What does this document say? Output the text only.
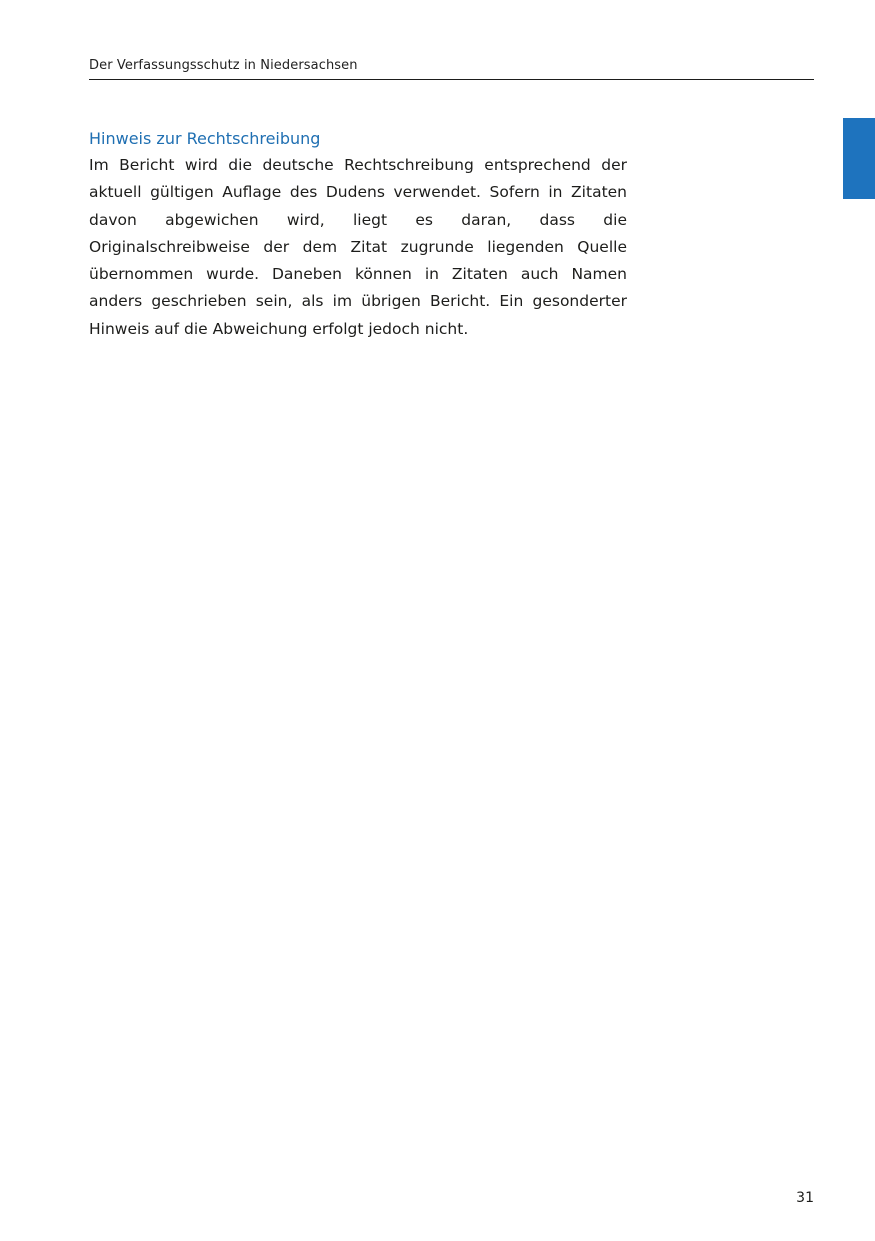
Der Verfassungsschutz in Niedersachsen
Hinweis zur Rechtschreibung

Im Bericht wird die deutsche Rechtschreibung entsprechend der aktuell gültigen Auflage des Dudens verwendet. Sofern in Zitaten davon abgewichen wird, liegt es daran, dass die Originalschreibweise der dem Zitat zugrunde liegenden Quelle übernommen wurde. Daneben können in Zitaten auch Namen anders geschrieben sein, als im übrigen Bericht. Ein gesonderter Hinweis auf die Abweichung erfolgt jedoch nicht.

31
